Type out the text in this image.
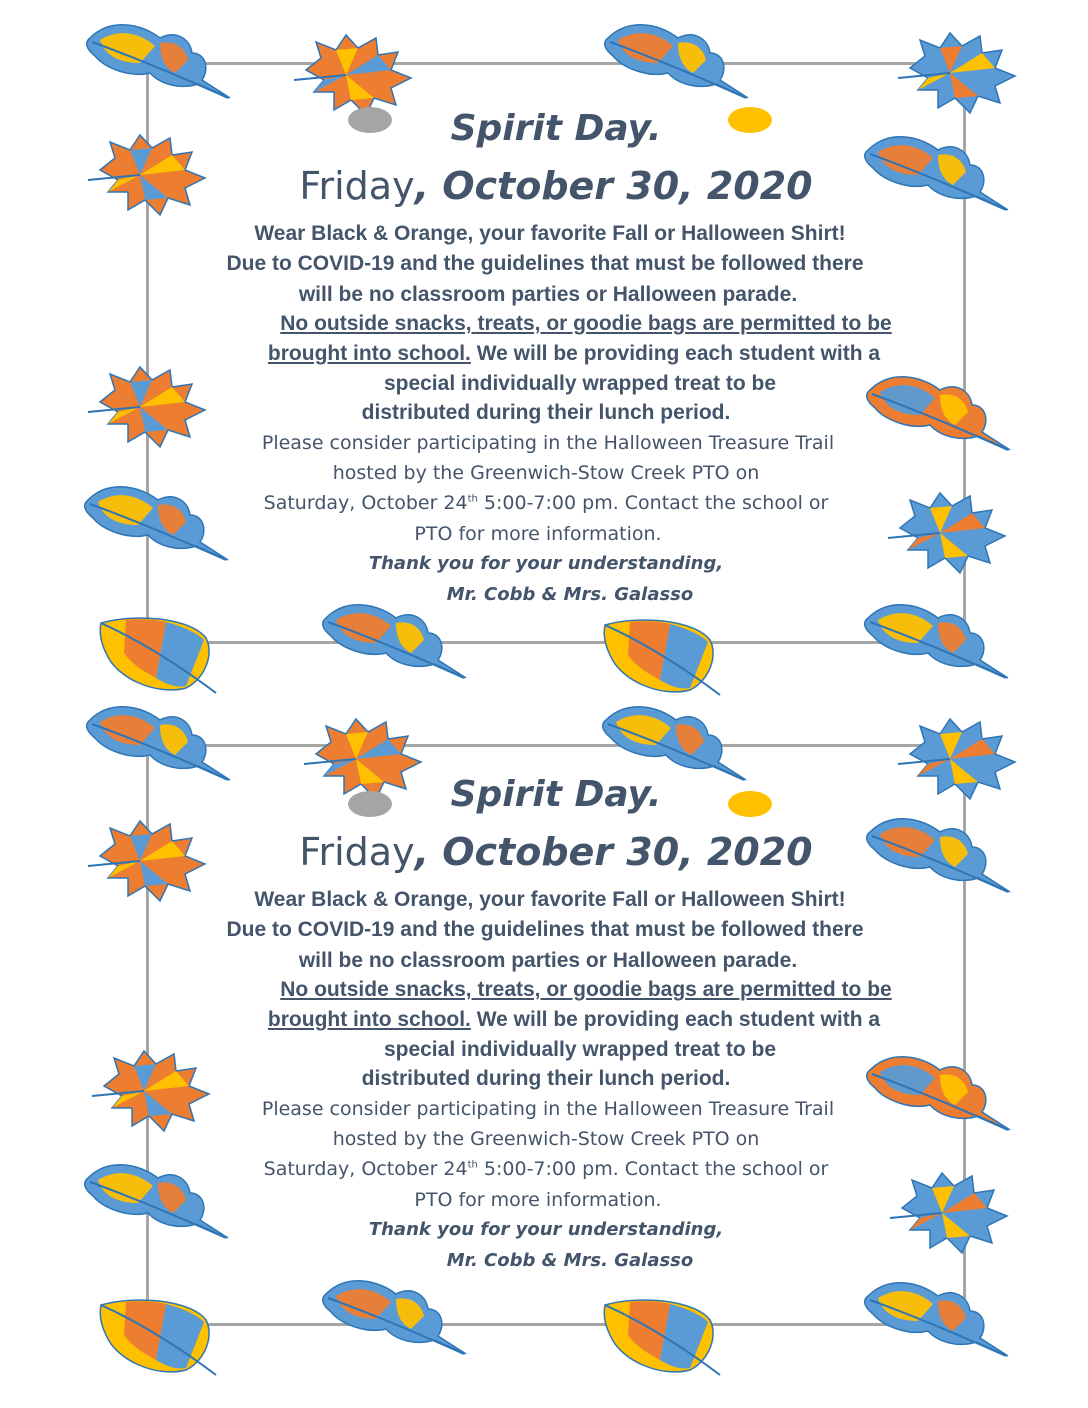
Spirit Day.
Friday, October 30, 2020
Wear Black & Orange, your favorite Fall or Halloween Shirt!
Due to COVID-19 and the guidelines that must be followed there
will be no classroom parties or Halloween parade.
No outside snacks, treats, or goodie bags are permitted to be
brought into school. We will be providing each student with a
special individually wrapped treat to be
distributed during their lunch period.
Please consider participating in the Halloween Treasure Trail
hosted by the Greenwich-Stow Creek PTO on
Saturday, October 24th 5:00-7:00 pm. Contact the school or
PTO for more information.
Thank you for your understanding,
Mr. Cobb & Mrs. Galasso
Spirit Day.
Friday, October 30, 2020
Wear Black & Orange, your favorite Fall or Halloween Shirt!
Due to COVID-19 and the guidelines that must be followed there
will be no classroom parties or Halloween parade.
No outside snacks, treats, or goodie bags are permitted to be
brought into school. We will be providing each student with a
special individually wrapped treat to be
distributed during their lunch period.
Please consider participating in the Halloween Treasure Trail
hosted by the Greenwich-Stow Creek PTO on
Saturday, October 24th 5:00-7:00 pm. Contact the school or
PTO for more information.
Thank you for your understanding,
Mr. Cobb & Mrs. Galasso
